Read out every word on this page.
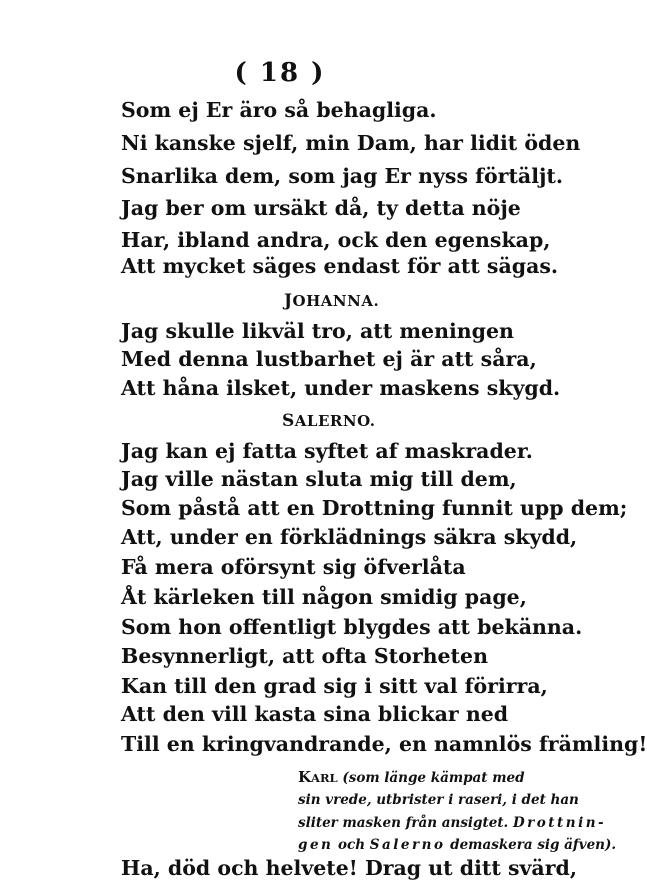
( 18 )
Som ej Er äro så behagliga.
Ni kanske sjelf, min Dam, har lidit öden
Snarlika dem, som jag Er nyss förtäljt.
Jag ber om ursäkt då, ty detta nöje
Har, ibland andra, ock den egenskap,
Att mycket säges endast för att sägas.
JOHANNA.
Jag skulle likväl tro, att meningen
Med denna lustbarhet ej är att såra,
Att håna ilsket, under maskens skygd.
SALERNO.
Jag kan ej fatta syftet af maskrader.
Jag ville nästan sluta mig till dem,
Som påstå att en Drottning funnit upp dem;
Att, under en förklädnings säkra skydd,
Få mera oförsynt sig öfverlåta
Åt kärleken till någon smidig page,
Som hon offentligt blygdes att bekänna.
Besynnerligt, att ofta Storheten
Kan till den grad sig i sitt val förirra,
Att den vill kasta sina blickar ned
Till en kringvandrande, en namnlös främling!
KARL (som länge kämpat med
sin vrede, utbrister i raseri, i det han
sliter masken från ansigtet. Drottnin-
gen och Salerno demaskera sig äfven).
Ha, död och helvete! Drag ut ditt svärd,
